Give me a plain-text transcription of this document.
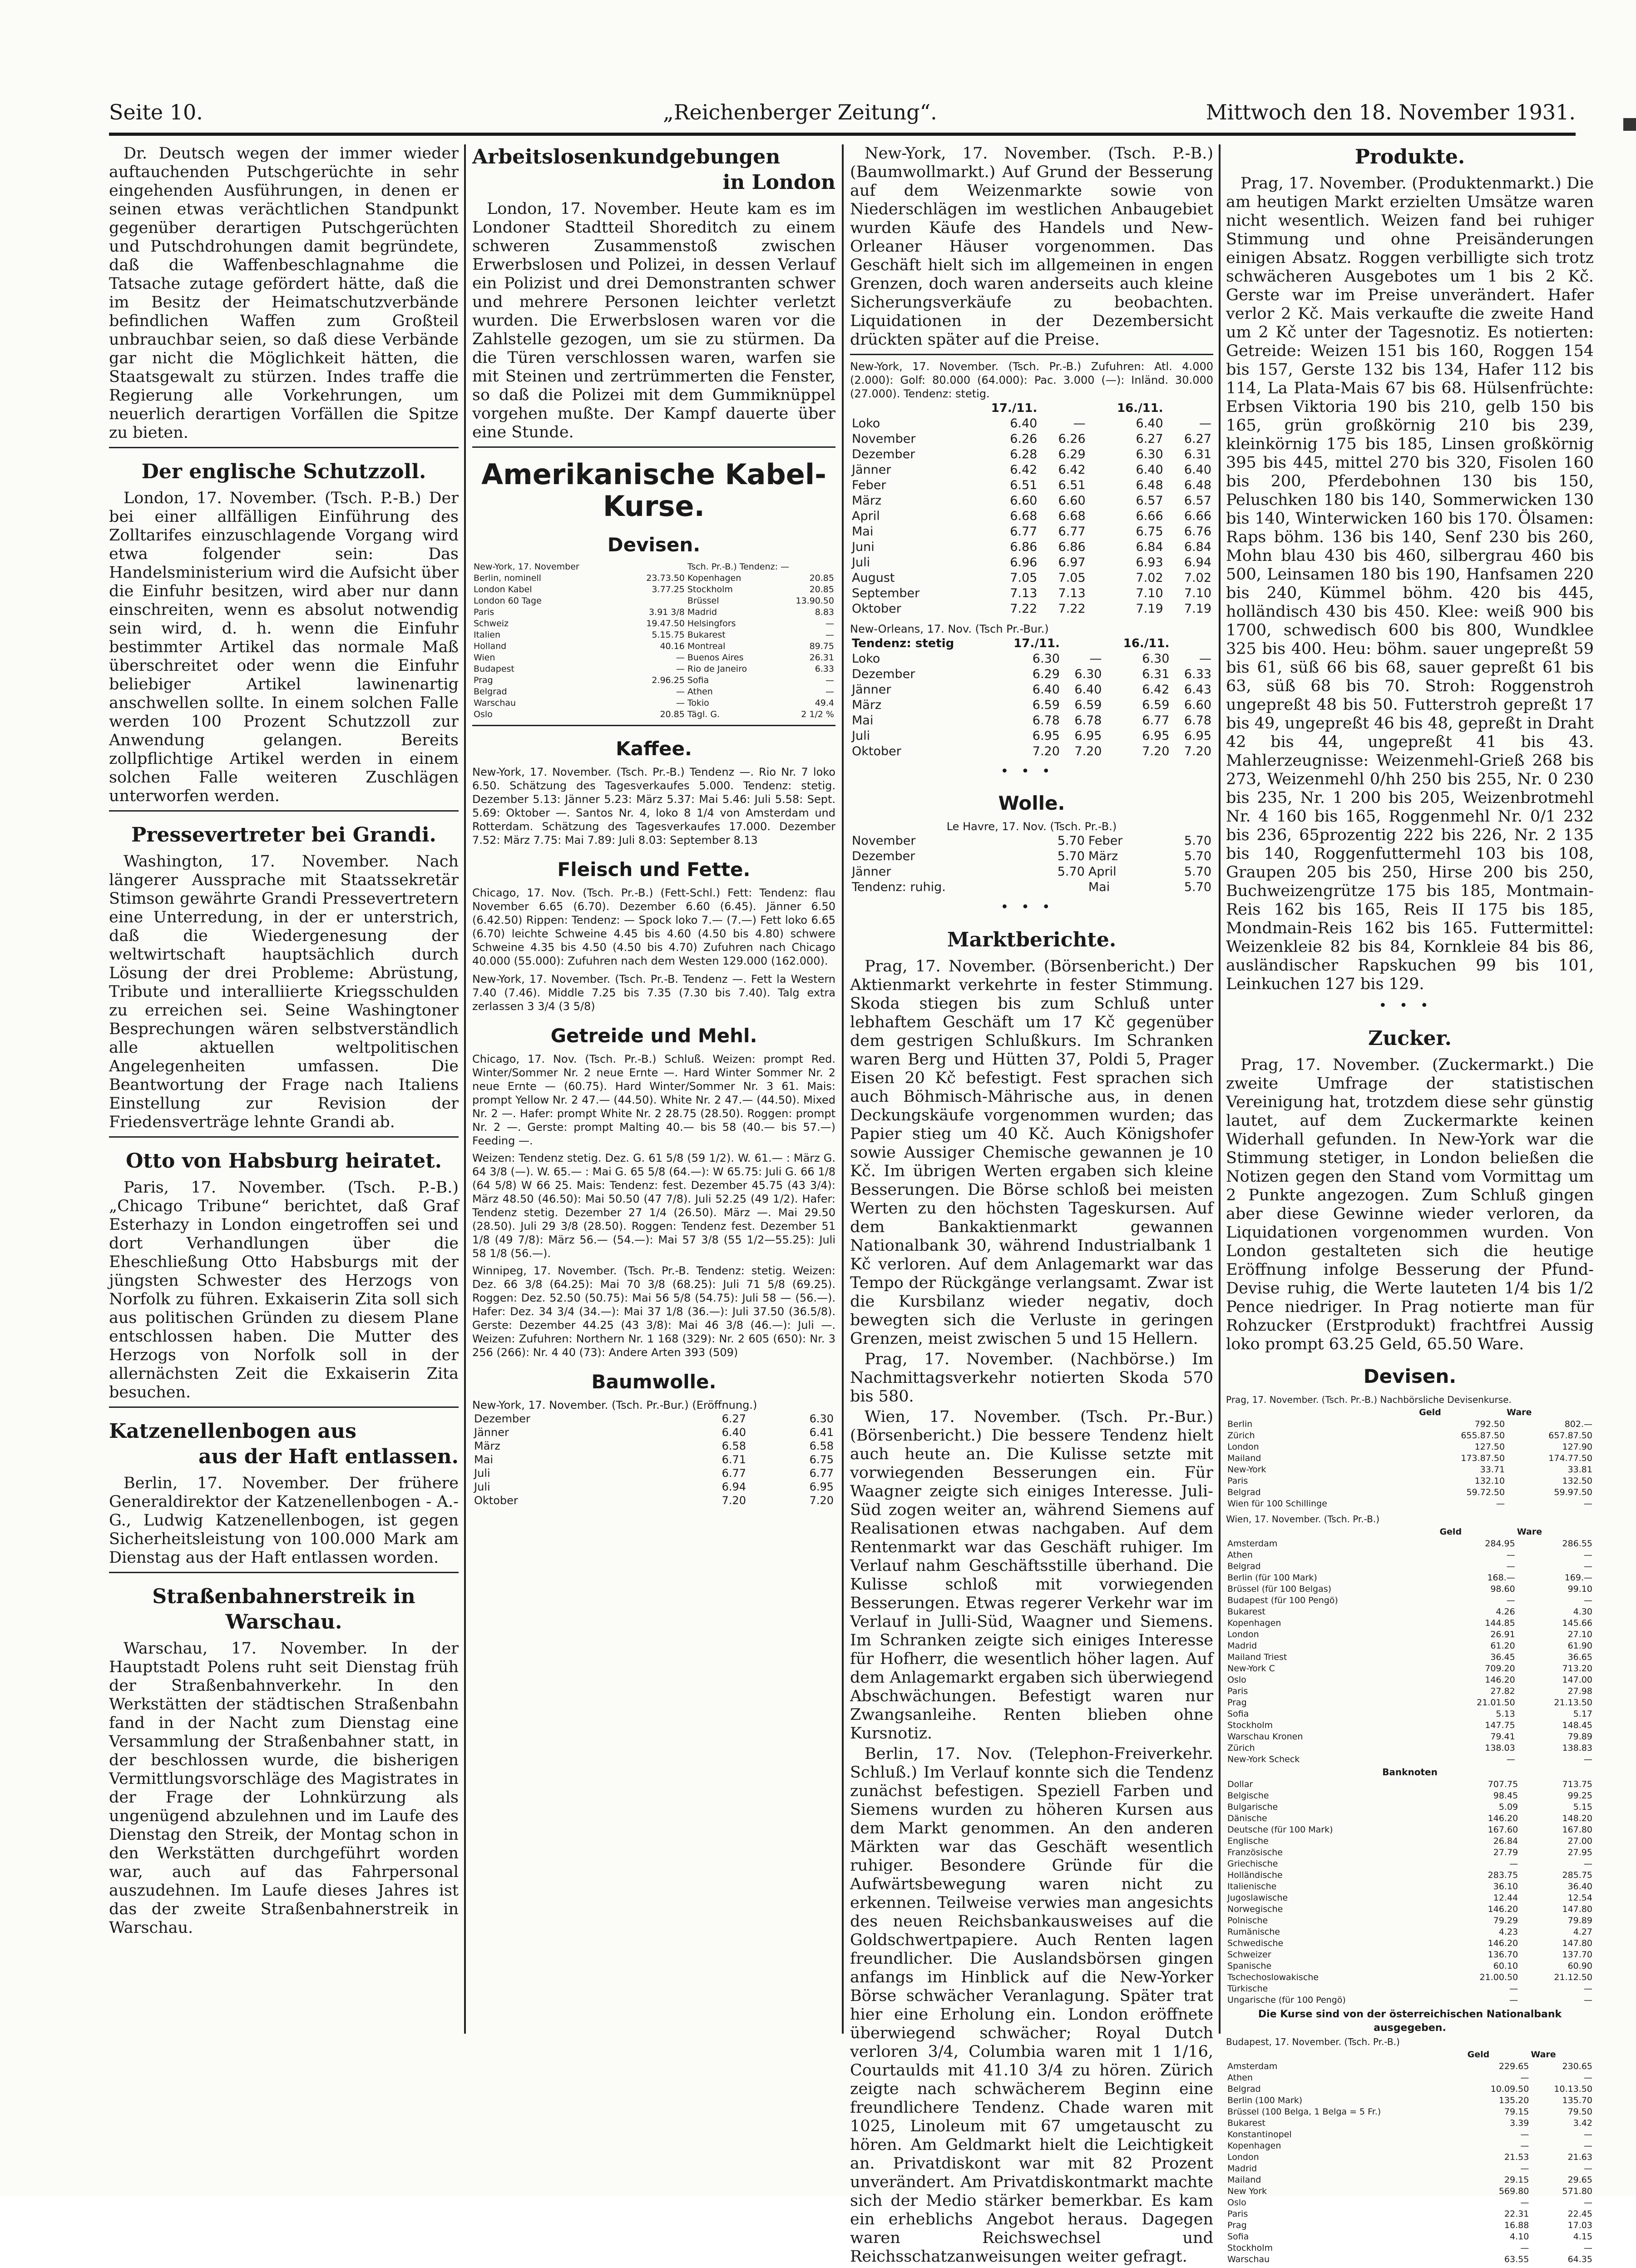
Seite 10.	„Reichenberger Zeitung“.	Mittwoch den 18. November 1931.

Dr. Deutsch wegen der immer wieder auftauchenden Putschgerüchte in sehr eingehenden Ausführungen, in denen er seinen etwas verächtlichen Standpunkt gegenüber derartigen Putschgerüchten und Putschdrohungen damit begründete, daß die Waffenbeschlagnahme die Tatsache zutage gefördert hätte, daß die im Besitz der Heimatschutzverbände befindlichen Waffen zum Großteil unbrauchbar seien, so daß diese Verbände gar nicht die Möglichkeit hätten, die Staatsgewalt zu stürzen. Indes traffe die Regierung alle Vorkehrungen, um neuerlich derartigen Vorfällen die Spitze zu bieten.

Der englische Schutzzoll.

London, 17. November. (Tsch. P.-B.) Der bei einer allfälligen Einführung des Zolltarifes einzuschlagende Vorgang wird etwa folgender sein: Das Handelsministerium wird die Aufsicht über die Einfuhr besitzen, wird aber nur dann einschreiten, wenn es absolut notwendig sein wird, d. h. wenn die Einfuhr bestimmter Artikel das normale Maß überschreitet oder wenn die Einfuhr beliebiger Artikel lawinenartig anschwellen sollte. In einem solchen Falle werden 100 Prozent Schutzzoll zur Anwendung gelangen. Bereits zollpflichtige Artikel werden in einem solchen Falle weiteren Zuschlägen unterworfen werden.

Pressevertreter bei Grandi.

Washington, 17. November. Nach längerer Aussprache mit Staatssekretär Stimson gewährte Grandi Pressevertretern eine Unterredung, in der er unterstrich, daß die Wiedergenesung der weltwirtschaft hauptsächlich durch Lösung der drei Probleme: Abrüstung, Tribute und interalliierte Kriegsschulden zu erreichen sei. Seine Washingtoner Besprechungen wären selbstverständlich alle aktuellen weltpolitischen Angelegenheiten umfassen. Die Beantwortung der Frage nach Italiens Einstellung zur Revision der Friedensverträge lehnte Grandi ab.

Otto von Habsburg heiratet.

Paris, 17. November. (Tsch. P.-B.) „Chicago Tribune“ berichtet, daß Graf Esterhazy in London eingetroffen sei und dort Verhandlungen über die Eheschließung Otto Habsburgs mit der jüngsten Schwester des Herzogs von Norfolk zu führen. Exkaiserin Zita soll sich aus politischen Gründen zu diesem Plane entschlossen haben. Die Mutter des Herzogs von Norfolk soll in der allernächsten Zeit die Exkaiserin Zita besuchen.

Katzenellenbogen aus
aus der Haft entlassen.

Berlin, 17. November. Der frühere Generaldirektor der Katzenellenbogen - A.-G., Ludwig Katzenellenbogen, ist gegen Sicherheitsleistung von 100.000 Mark am Dienstag aus der Haft entlassen worden.

Straßenbahnerstreik in Warschau.

Warschau, 17. November. In der Hauptstadt Polens ruht seit Dienstag früh der Straßenbahnverkehr. In den Werkstätten der städtischen Straßenbahn fand in der Nacht zum Dienstag eine Versammlung der Straßenbahner statt, in der beschlossen wurde, die bisherigen Vermittlungsvorschläge des Magistrates in der Frage der Lohnkürzung als ungenügend abzulehnen und im Laufe des Dienstag den Streik, der Montag schon in den Werkstätten durchgeführt worden war, auch auf das Fahrpersonal auszudehnen. Im Laufe dieses Jahres ist das der zweite Straßenbahnerstreik in Warschau.

Arbeitslosenkundgebungen
in London

London, 17. November. Heute kam es im Londoner Stadtteil Shoreditch zu einem schweren Zusammenstoß zwischen Erwerbslosen und Polizei, in dessen Verlauf ein Polizist und drei Demonstranten schwer und mehrere Personen leichter verletzt wurden. Die Erwerbslosen waren vor die Zahlstelle gezogen, um sie zu stürmen. Da die Türen verschlossen waren, warfen sie mit Steinen und zertrümmerten die Fenster, so daß die Polizei mit dem Gummiknüppel vorgehen mußte. Der Kampf dauerte über eine Stunde.

Amerikanische Kabel-
Kurse.
Devisen.
New-York, 17. November		Tsch. Pr.-B.) Tendenz: —	
Berlin, nominell	23.73.50	Kopenhagen	20.85
London Kabel	3.77.25	Stockholm	20.85
London 60 Tage		Brüssel	13.90.50
Paris	3.91 3/8	Madrid	8.83
Schweiz	19.47.50	Helsingfors	—
Italien	5.15.75	Bukarest	—
Holland	40.16	Montreal	89.75
Wien	—	Buenos Aires	26.31
Budapest	—	Rio de Janeiro	6.33
Prag	2.96.25	Sofia	—
Belgrad	—	Athen	—
Warschau	—	Tokio	49.4
Oslo	20.85	Tägl. G.	2 1/2 %
Kaffee.
New-York, 17. November. (Tsch. Pr.-B.) Tendenz —. Rio Nr. 7 loko 6.50. Schätzung des Tagesverkaufes 5.000. Tendenz: stetig. Dezember 5.13: Jänner 5.23: März 5.37: Mai 5.46: Juli 5.58: Sept. 5.69: Oktober —. Santos Nr. 4, loko 8 1/4 von Amsterdam und Rotterdam. Schätzung des Tagesverkaufes 17.000. Dezember 7.52: März 7.75: Mai 7.89: Juli 8.03: September 8.13
Fleisch und Fette.
Chicago, 17. Nov. (Tsch. Pr.-B.) (Fett-Schl.) Fett: Tendenz: flau November 6.65 (6.70). Dezember 6.60 (6.45). Jänner 6.50 (6.42.50) Rippen: Tendenz: — Spock loko 7.— (7.—) Fett loko 6.65 (6.70) leichte Schweine 4.45 bis 4.60 (4.50 bis 4.80) schwere Schweine 4.35 bis 4.50 (4.50 bis 4.70) Zufuhren nach Chicago 40.000 (55.000): Zufuhren nach dem Westen 129.000 (162.000).
New-York, 17. November. (Tsch. Pr.-B. Tendenz —. Fett la Western 7.40 (7.46). Middle 7.25 bis 7.35 (7.30 bis 7.40). Talg extra zerlassen 3 3/4 (3 5/8)
Getreide und Mehl.
Chicago, 17. Nov. (Tsch. Pr.-B.) Schluß. Weizen: prompt Red. Winter/Sommer Nr. 2 neue Ernte —. Hard Winter Sommer Nr. 2 neue Ernte — (60.75). Hard Winter/Sommer Nr. 3 61. Mais: prompt Yellow Nr. 2 47.— (44.50). White Nr. 2 47.— (44.50). Mixed Nr. 2 —. Hafer: prompt White Nr. 2 28.75 (28.50). Roggen: prompt Nr. 2 —. Gerste: prompt Malting 40.— bis 58 (40.— bis 57.—) Feeding —.
Weizen: Tendenz stetig. Dez. G. 61 5/8 (59 1/2). W. 61.— : März G. 64 3/8 (—). W. 65.— : Mai G. 65 5/8 (64.—): W 65.75: Juli G. 66 1/8 (64 5/8) W 66 25. Mais: Tendenz: fest. Dezember 45.75 (43 3/4): März 48.50 (46.50): Mai 50.50 (47 7/8). Juli 52.25 (49 1/2). Hafer: Tendenz stetig. Dezember 27 1/4 (26.50). März —. Mai 29.50 (28.50). Juli 29 3/8 (28.50). Roggen: Tendenz fest. Dezember 51 1/8 (49 7/8): März 56.— (54.—): Mai 57 3/8 (55 1/2—55.25): Juli 58 1/8 (56.—).
Winnipeg, 17. November. (Tsch. Pr.-B. Tendenz: stetig. Weizen: Dez. 66 3/8 (64.25): Mai 70 3/8 (68.25): Juli 71 5/8 (69.25). Roggen: Dez. 52.50 (50.75): Mai 56 5/8 (54.75): Juli 58 — (56.—). Hafer: Dez. 34 3/4 (34.—): Mai 37 1/8 (36.—): Juli 37.50 (36.5/8). Gerste: Dezember 44.25 (43 3/8): Mai 46 3/8 (46.—): Juli —. Weizen: Zufuhren: Northern Nr. 1 168 (329): Nr. 2 605 (650): Nr. 3 256 (266): Nr. 4 40 (73): Andere Arten 393 (509)
Baumwolle.
New-York, 17. November. (Tsch. Pr.-Bur.) (Eröffnung.)
Dezember	6.27	6.30
Jänner	6.40	6.41
März	6.58	6.58
Mai	6.71	6.75
Juli	6.77	6.77
Juli	6.94	6.95
Oktober	7.20	7.20

New-York, 17. November. (Tsch. P.-B.) (Baumwollmarkt.) Auf Grund der Besserung auf dem Weizenmarkte sowie von Niederschlägen im westlichen Anbaugebiet wurden Käufe des Handels und New-Orleaner Häuser vorgenommen. Das Geschäft hielt sich im allgemeinen in engen Grenzen, doch waren anderseits auch kleine Sicherungsverkäufe zu beobachten. Liquidationen in der Dezembersicht drückten später auf die Preise.

New-York, 17. November. (Tsch. Pr.-B.) Zufuhren: Atl. 4.000 (2.000): Golf: 80.000 (64.000): Pac. 3.000 (—): Inländ. 30.000 (27.000). Tendenz: stetig.
	17./11.		16./11.	
Loko	6.40	—	6.40	—
November	6.26	6.26	6.27	6.27
Dezember	6.28	6.29	6.30	6.31
Jänner	6.42	6.42	6.40	6.40
Feber	6.51	6.51	6.48	6.48
März	6.60	6.60	6.57	6.57
April	6.68	6.68	6.66	6.66
Mai	6.77	6.77	6.75	6.76
Juni	6.86	6.86	6.84	6.84
Juli	6.96	6.97	6.93	6.94
August	7.05	7.05	7.02	7.02
September	7.13	7.13	7.10	7.10
Oktober	7.22	7.22	7.19	7.19
New-Orleans, 17. Nov. (Tsch Pr.-Bur.)
Tendenz: stetig	17./11.		16./11.	
Loko	6.30	—	6.30	—
Dezember	6.29	6.30	6.31	6.33
Jänner	6.40	6.40	6.42	6.43
März	6.59	6.59	6.59	6.60
Mai	6.78	6.78	6.77	6.78
Juli	6.95	6.95	6.95	6.95
Oktober	7.20	7.20	7.20	7.20
•••
Wolle.
Le Havre, 17. Nov. (Tsch. Pr.-B.)
November	5.70	Feber	5.70
Dezember	5.70	März	5.70
Jänner	5.70	April	5.70
Tendenz: ruhig.		Mai	5.70
•••
Marktberichte.

Prag, 17. November. (Börsenbericht.) Der Aktienmarkt verkehrte in fester Stimmung. Skoda stiegen bis zum Schluß unter lebhaftem Geschäft um 17 Kč gegenüber dem gestrigen Schlußkurs. Im Schranken waren Berg und Hütten 37, Poldi 5, Prager Eisen 20 Kč befestigt. Fest sprachen sich auch Böhmisch-Mährische aus, in denen Deckungskäufe vorgenommen wurden; das Papier stieg um 40 Kč. Auch Königshofer sowie Aussiger Chemische gewannen je 10 Kč. Im übrigen Werten ergaben sich kleine Besserungen. Die Börse schloß bei meisten Werten zu den höchsten Tageskursen. Auf dem Bankaktienmarkt gewannen Nationalbank 30, während Industrialbank 1 Kč verloren. Auf dem Anlagemarkt war das Tempo der Rückgänge verlangsamt. Zwar ist die Kursbilanz wieder negativ, doch bewegten sich die Verluste in geringen Grenzen, meist zwischen 5 und 15 Hellern.

Prag, 17. November. (Nachbörse.) Im Nachmittagsverkehr notierten Skoda 570 bis 580.

Wien, 17. November. (Tsch. Pr.-Bur.) (Börsenbericht.) Die bessere Tendenz hielt auch heute an. Die Kulisse setzte mit vorwiegenden Besserungen ein. Für Waagner zeigte sich einiges Interesse. Juli-Süd zogen weiter an, während Siemens auf Realisationen etwas nachgaben. Auf dem Rentenmarkt war das Geschäft ruhiger. Im Verlauf nahm Geschäftsstille überhand. Die Kulisse schloß mit vorwiegenden Besserungen. Etwas regerer Verkehr war im Verlauf in Julli-Süd, Waagner und Siemens. Im Schranken zeigte sich einiges Interesse für Hofherr, die wesentlich höher lagen. Auf dem Anlagemarkt ergaben sich überwiegend Abschwächungen. Befestigt waren nur Zwangsanleihe. Renten blieben ohne Kursnotiz.

Berlin, 17. Nov. (Telephon-Freiverkehr. Schluß.) Im Verlauf konnte sich die Tendenz zunächst befestigen. Speziell Farben und Siemens wurden zu höheren Kursen aus dem Markt genommen. An den anderen Märkten war das Geschäft wesentlich ruhiger. Besondere Gründe für die Aufwärtsbewegung waren nicht zu erkennen. Teilweise verwies man angesichts des neuen Reichsbankausweises auf die Goldschwertpapiere. Auch Renten lagen freundlicher. Die Auslandsbörsen gingen anfangs im Hinblick auf die New-Yorker Börse schwächer Veranlagung. Später trat hier eine Erholung ein. London eröffnete überwiegend schwächer; Royal Dutch verloren 3/4, Columbia waren mit 1 1/16, Courtaulds mit 41.10 3/4 zu hören. Zürich zeigte nach schwächerem Beginn eine freundlichere Tendenz. Chade waren mit 1025, Linoleum mit 67 umgetauscht zu hören. Am Geldmarkt hielt die Leichtigkeit an. Privatdiskont war mit 82 Prozent unverändert. Am Privatdiskontmarkt machte sich der Medio stärker bemerkbar. Es kam ein erheblichs Angebot heraus. Dagegen waren Reichswechsel und Reichsschatzanweisungen weiter gefragt.

Produkte.

Prag, 17. November. (Produktenmarkt.) Die am heutigen Markt erzielten Umsätze waren nicht wesentlich. Weizen fand bei ruhiger Stimmung und ohne Preisänderungen einigen Absatz. Roggen verbilligte sich trotz schwächeren Ausgebotes um 1 bis 2 Kč. Gerste war im Preise unverändert. Hafer verlor 2 Kč. Mais verkaufte die zweite Hand um 2 Kč unter der Tagesnotiz. Es notierten: Getreide: Weizen 151 bis 160, Roggen 154 bis 157, Gerste 132 bis 134, Hafer 112 bis 114, La Plata-Mais 67 bis 68. Hülsenfrüchte: Erbsen Viktoria 190 bis 210, gelb 150 bis 165, grün großkörnig 210 bis 239, kleinkörnig 175 bis 185, Linsen großkörnig 395 bis 445, mittel 270 bis 320, Fisolen 160 bis 200, Pferdebohnen 130 bis 150, Peluschken 180 bis 140, Sommerwicken 130 bis 140, Winterwicken 160 bis 170. Ölsamen: Raps böhm. 136 bis 140, Senf 230 bis 260, Mohn blau 430 bis 460, silbergrau 460 bis 500, Leinsamen 180 bis 190, Hanfsamen 220 bis 240, Kümmel böhm. 420 bis 445, holländisch 430 bis 450. Klee: weiß 900 bis 1700, schwedisch 600 bis 800, Wundklee 325 bis 400. Heu: böhm. sauer ungepreßt 59 bis 61, süß 66 bis 68, sauer gepreßt 61 bis 63, süß 68 bis 70. Stroh: Roggenstroh ungepreßt 48 bis 50. Futterstroh gepreßt 17 bis 49, ungepreßt 46 bis 48, gepreßt in Draht 42 bis 44, ungepreßt 41 bis 43. Mahlerzeugnisse: Weizenmehl-Grieß 268 bis 273, Weizenmehl 0/hh 250 bis 255, Nr. 0 230 bis 235, Nr. 1 200 bis 205, Weizenbrotmehl Nr. 4 160 bis 165, Roggenmehl Nr. 0/1 232 bis 236, 65prozentig 222 bis 226, Nr. 2 135 bis 140, Roggenfuttermehl 103 bis 108, Graupen 205 bis 250, Hirse 200 bis 250, Buchweizengrütze 175 bis 185, Montmain-Reis 162 bis 165, Reis II 175 bis 185, Mondmain-Reis 162 bis 165. Futtermittel: Weizenkleie 82 bis 84, Kornkleie 84 bis 86, ausländischer Rapskuchen 99 bis 101, Leinkuchen 127 bis 129.

•••
Zucker.

Prag, 17. November. (Zuckermarkt.) Die zweite Umfrage der statistischen Vereinigung hat, trotzdem diese sehr günstig lautet, auf dem Zuckermarkte keinen Widerhall gefunden. In New-York war die Stimmung stetiger, in London beließen die Notizen gegen den Stand vom Vormittag um 2 Punkte angezogen. Zum Schluß gingen aber diese Gewinne wieder verloren, da Liquidationen vorgenommen wurden. Von London gestalteten sich die heutige Eröffnung infolge Besserung der Pfund-Devise ruhig, die Werte lauteten 1/4 bis 1/2 Pence niedriger. In Prag notierte man für Rohzucker (Erstprodukt) frachtfrei Aussig loko prompt 63.25 Geld, 65.50 Ware.

Devisen.
Prag, 17. November. (Tsch. Pr.-B.) Nachbörsliche Devisenkurse.
	Geld	Ware
Berlin	792.50	802.—
Zürich	655.87.50	657.87.50
London	127.50	127.90
Mailand	173.87.50	174.77.50
New-York	33.71	33.81
Paris	132.10	132.50
Belgrad	59.72.50	59.97.50
Wien für 100 Schillinge	—	—
Wien, 17. November. (Tsch. Pr.-B.)
	Geld	Ware
Amsterdam	284.95	286.55
Athen	—	—
Belgrad	—	—
Berlin (für 100 Mark)	168.—	169.—
Brüssel (für 100 Belgas)	98.60	99.10
Budapest (für 100 Pengö)	—	—
Bukarest	4.26	4.30
Kopenhagen	144.85	145.66
London	26.91	27.10
Madrid	61.20	61.90
Mailand Triest	36.45	36.65
New-York C	709.20	713.20
Oslo	146.20	147.00
Paris	27.82	27.98
Prag	21.01.50	21.13.50
Sofia	5.13	5.17
Stockholm	147.75	148.45
Warschau Kronen	79.41	79.89
Zürich	138.03	138.83
New-York Scheck	—	—
Banknoten
Dollar	707.75	713.75
Belgische	98.45	99.25
Bulgarische	5.09	5.15
Dänische	146.20	148.20
Deutsche (für 100 Mark)	167.60	167.80
Englische	26.84	27.00
Französische	27.79	27.95
Griechische	—	—
Holländische	283.75	285.75
Italienische	36.10	36.40
Jugoslawische	12.44	12.54
Norwegische	146.20	147.80
Polnische	79.29	79.89
Rumänische	4.23	4.27
Schwedische	146.20	147.80
Schweizer	136.70	137.70
Spanische	60.10	60.90
Tschechoslowakische	21.00.50	21.12.50
Türkische	—	—
Ungarische (für 100 Pengö)	—	—
Die Kurse sind von der österreichischen Nationalbank ausgegeben.
Budapest, 17. November. (Tsch. Pr.-B.)
	Geld	Ware
Amsterdam	229.65	230.65
Athen	—	—
Belgrad	10.09.50	10.13.50
Berlin (100 Mark)	135.20	135.70
Brüssel (100 Belga, 1 Belga = 5 Fr.)	79.15	79.50
Bukarest	3.39	3.42
Konstantinopel	—	—
Kopenhagen	—	—
London	21.53	21.63
Madrid	—	—
Mailand	29.15	29.65
New York	569.80	571.80
Oslo	—	—
Paris	22.31	22.45
Prag	16.88	17.03
Sofia	4.10	4.15
Stockholm	—	—
Warschau	63.55	64.35
